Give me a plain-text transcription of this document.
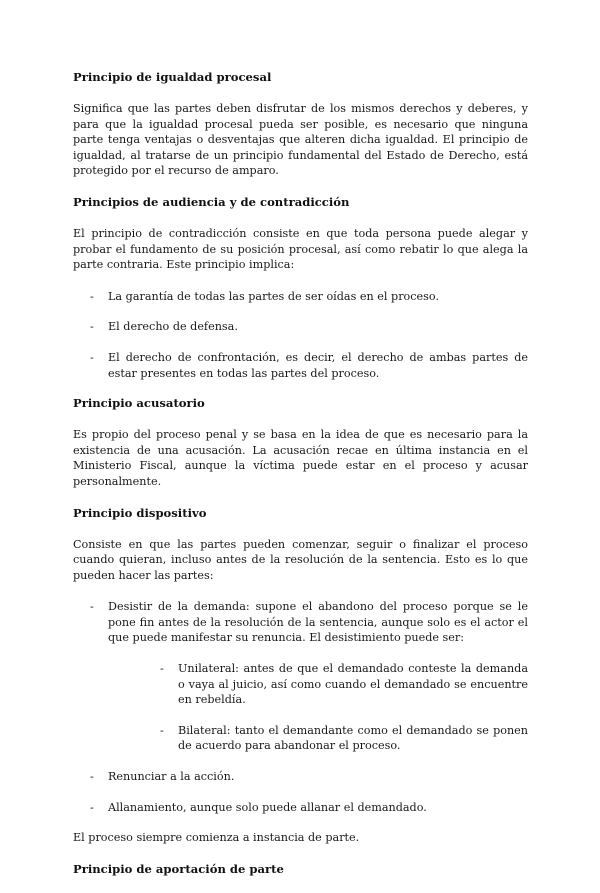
Principio de igualdad procesal

Significa que las partes deben disfrutar de los mismos derechos y deberes, y para que la igualdad procesal pueda ser posible, es necesario que ninguna parte tenga ventajas o desventajas que alteren dicha igualdad. El principio de igualdad, al tratarse de un principio fundamental del Estado de Derecho, está protegido por el recurso de amparo.

Principios de audiencia y de contradicción

El principio de contradicción consiste en que toda persona puede alegar y probar el fundamento de su posición procesal, así como rebatir lo que alega la parte contraria. Este principio implica:

- La garantía de todas las partes de ser oídas en el proceso.
- El derecho de defensa.
- El derecho de confrontación, es decir, el derecho de ambas partes de estar presentes en todas las partes del proceso.
Principio acusatorio

Es propio del proceso penal y se basa en la idea de que es necesario para la existencia de una acusación. La acusación recae en última instancia en el Ministerio Fiscal, aunque la víctima puede estar en el proceso y acusar personalmente.

Principio dispositivo

Consiste en que las partes pueden comenzar, seguir o finalizar el proceso cuando quieran, incluso antes de la resolución de la sentencia. Esto es lo que pueden hacer las partes:

- Desistir de la demanda: supone el abandono del proceso porque se le pone fin antes de la resolución de la sentencia, aunque solo es el actor el que puede manifestar su renuncia. El desistimiento puede ser:
- Unilateral: antes de que el demandado conteste la demanda o vaya al juicio, así como cuando el demandado se encuentre en rebeldía.
- Bilateral: tanto el demandante como el demandado se ponen de acuerdo para abandonar el proceso.
- Renunciar a la acción.
- Allanamiento, aunque solo puede allanar el demandado.

El proceso siempre comienza a instancia de parte.

Principio de aportación de parte
